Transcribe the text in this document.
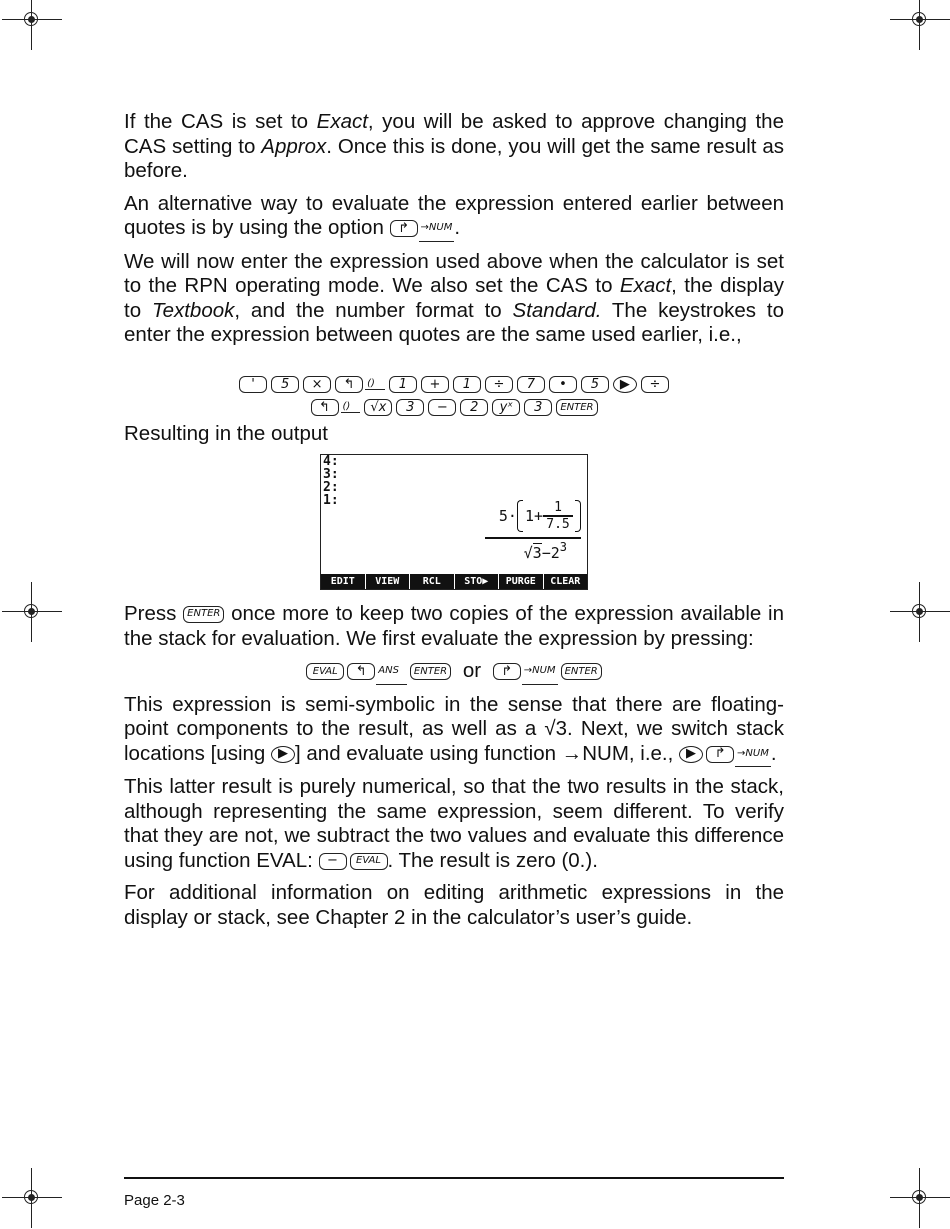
If the CAS is set to Exact, you will be asked to approve changing the CAS setting to Approx. Once this is done, you will get the same result as before.

An alternative way to evaluate the expression entered earlier between quotes is by using the option	↱	→NUM .

We will now enter the expression used above when the calculator is set to the RPN operating mode. We also set the CAS to Exact, the display to Textbook, and the number format to Standard. The keystrokes to enter the expression between quotes are the same used earlier, i.e.,

'	5	×	↰	()	1	+	1	÷	7	•	5	▶	÷
↰	()	√x	3	−	2	yˣ	3	ENTER

Resulting in the output

4:
3:
2:
1:
5· 1+ 1
7.5
√ $3 -2^3$
EDIT	VIEW	RCL	STO▶	PURGE	CLEAR

Press ENTER once more to keep two copies of the expression available in the stack for evaluation. We first evaluate the expression by pressing:

EVAL	↰	ANS	ENTER or	↱	→NUM ENTER

This expression is semi-symbolic in the sense that there are floating-point components to the result, as well as a √3. Next, we switch stack locations [using ▶ ] and evaluate using function →NUM, i.e., ▶	↱	→NUM .

This latter result is purely numerical, so that the two results in the stack, although representing the same expression, seem different. To verify that they are not, we subtract the two values and evaluate this difference using function EVAL:	−	EVAL . The result is zero (0.).

For additional information on editing arithmetic expressions in the display or stack, see Chapter 2 in the calculator’s user’s guide.

Page 2-3
